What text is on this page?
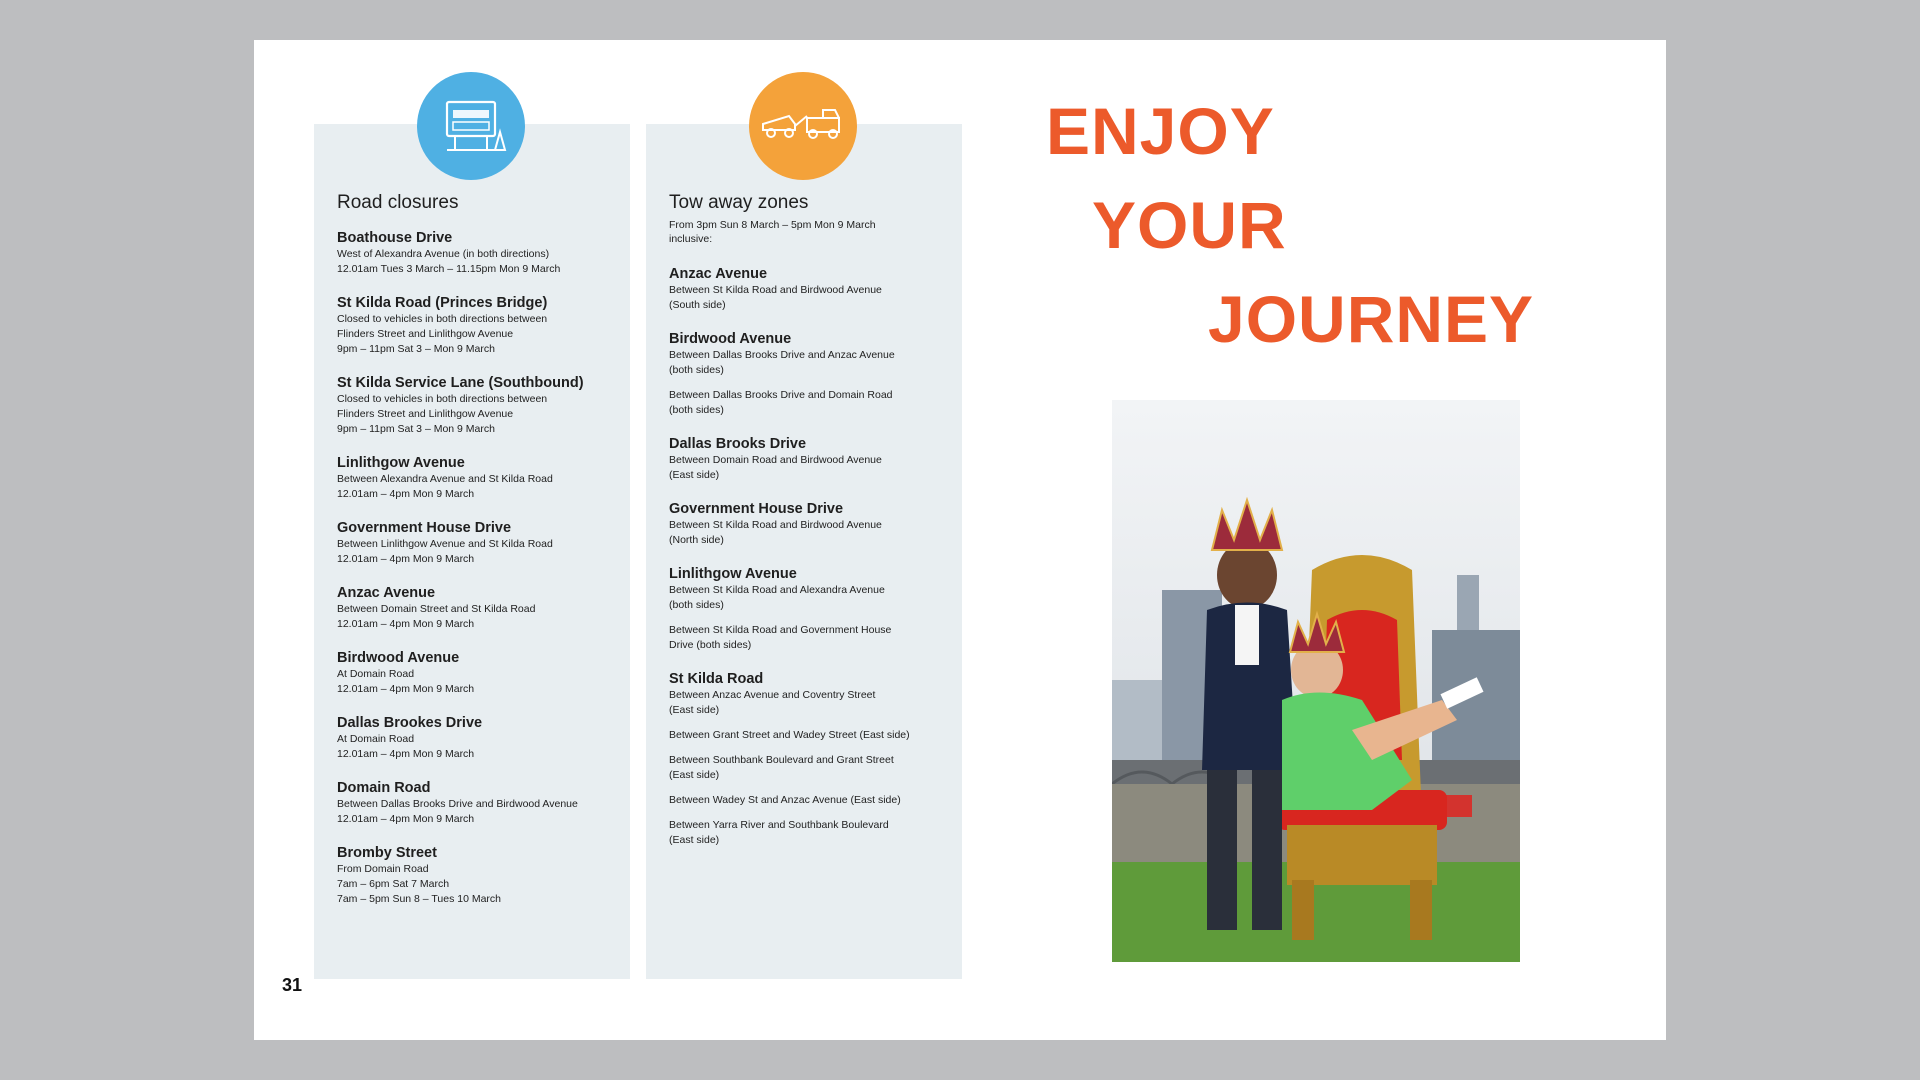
Road closures
Boathouse Drive
West of Alexandra Avenue (in both directions)
12.01am Tues 3 March – 11.15pm Mon 9 March
St Kilda Road (Princes Bridge)
Closed to vehicles in both directions between
Flinders Street and Linlithgow Avenue
9pm – 11pm Sat 3 – Mon 9 March
St Kilda Service Lane (Southbound)
Closed to vehicles in both directions between
Flinders Street and Linlithgow Avenue
9pm – 11pm Sat 3 – Mon 9 March
Linlithgow Avenue
Between Alexandra Avenue and St Kilda Road
12.01am – 4pm Mon 9 March
Government House Drive
Between Linlithgow Avenue and St Kilda Road
12.01am – 4pm Mon 9 March
Anzac Avenue
Between Domain Street and St Kilda Road
12.01am – 4pm Mon 9 March
Birdwood Avenue
At Domain Road
12.01am – 4pm Mon 9 March
Dallas Brookes Drive
At Domain Road
12.01am – 4pm Mon 9 March
Domain Road
Between Dallas Brooks Drive and Birdwood Avenue
12.01am – 4pm Mon 9 March
Bromby Street
From Domain Road
7am – 6pm Sat 7 March
7am – 5pm Sun 8 – Tues 10 March
Tow away zones
From 3pm Sun 8 March – 5pm Mon 9 March
inclusive:
Anzac Avenue
Between St Kilda Road and Birdwood Avenue
(South side)
Birdwood Avenue
Between Dallas Brooks Drive and Anzac Avenue
(both sides)
Between Dallas Brooks Drive and Domain Road
(both sides)
Dallas Brooks Drive
Between Domain Road and Birdwood Avenue
(East side)
Government House Drive
Between St Kilda Road and Birdwood Avenue
(North side)
Linlithgow Avenue
Between St Kilda Road and Alexandra Avenue
(both sides)
Between St Kilda Road and Government House
Drive (both sides)
St Kilda Road
Between Anzac Avenue and Coventry Street
(East side)
Between Grant Street and Wadey Street (East side)
Between Southbank Boulevard and Grant Street
(East side)
Between Wadey St and Anzac Avenue (East side)
Between Yarra River and Southbank Boulevard
(East side)
31
ENJOY
YOUR
JOURNEY
